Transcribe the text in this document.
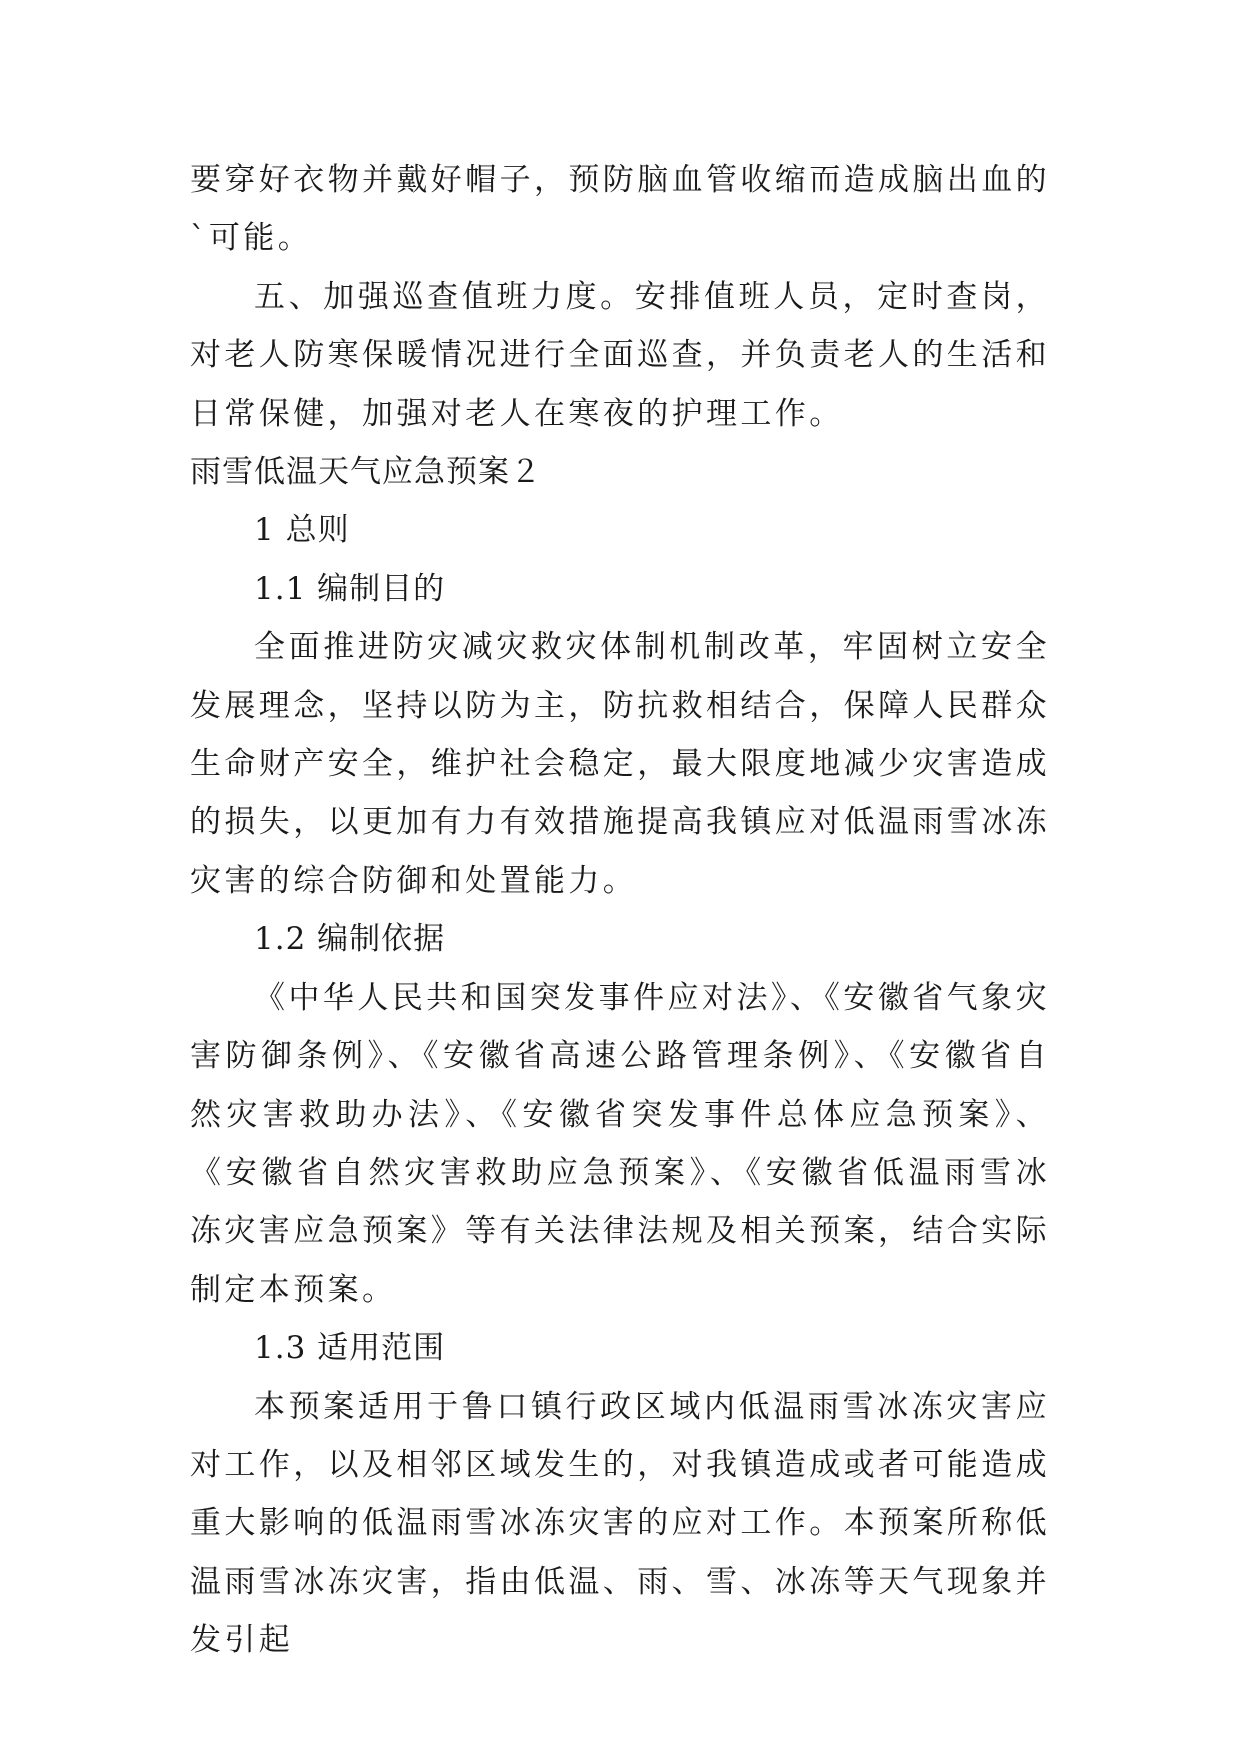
要穿好衣物并戴好帽子，预防脑血管收缩而造成脑出血的`可能。

五、加强巡查值班力度。安排值班人员，定时查岗，对老人防寒保暖情况进行全面巡查，并负责老人的生活和日常保健，加强对老人在寒夜的护理工作。

雨雪低温天气应急预案２

1 总则

1.1 编制目的

全面推进防灾减灾救灾体制机制改革，牢固树立安全发展理念，坚持以防为主，防抗救相结合，保障人民群众生命财产安全，维护社会稳定，最大限度地减少灾害造成的损失，以更加有力有效措施提高我镇应对低温雨雪冰冻灾害的综合防御和处置能力。

1.2 编制依据

《中华人民共和国突发事件应对法》、《安徽省气象灾害防御条例》、《安徽省高速公路管理条例》、《安徽省自然灾害救助办法》、《安徽省突发事件总体应急预案》、《安徽省自然灾害救助应急预案》、《安徽省低温雨雪冰冻灾害应急预案》等有关法律法规及相关预案，结合实际制定本预案。

1.3 适用范围

本预案适用于鲁口镇行政区域内低温雨雪冰冻灾害应对工作，以及相邻区域发生的，对我镇造成或者可能造成重大影响的低温雨雪冰冻灾害的应对工作。本预案所称低温雨雪冰冻灾害，指由低温、雨、雪、冰冻等天气现象并发引起
